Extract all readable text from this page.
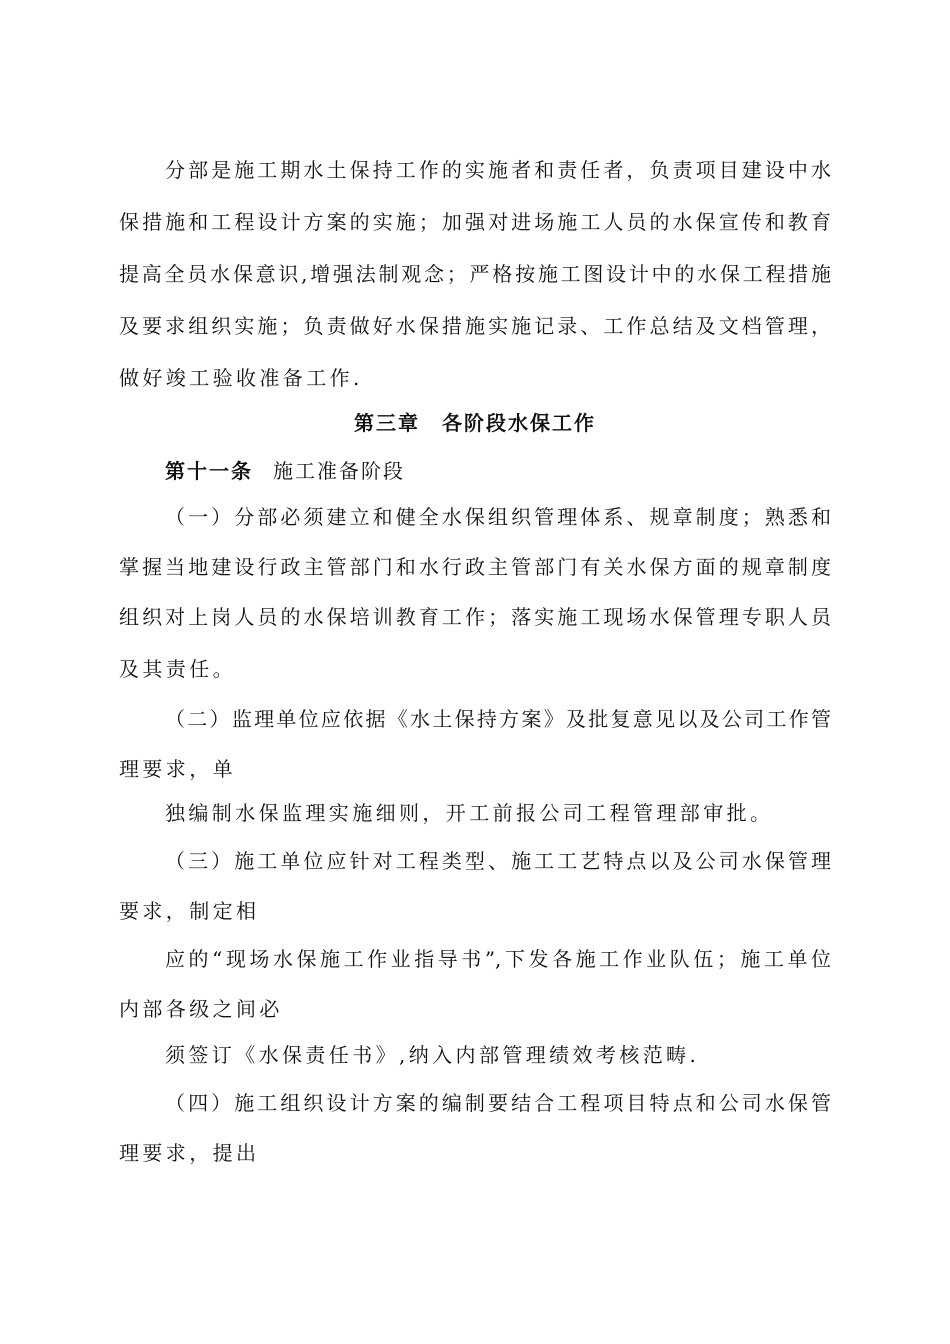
分部是施工期水土保持工作的实施者和责任者，负责项目建设中水
保措施和工程设计方案的实施；加强对进场施工人员的水保宣传和教育
提高全员水保意识,增强法制观念；严格按施工图设计中的水保工程措施
及要求组织实施；负责做好水保措施实施记录、工作总结及文档管理，
做好竣工验收准备工作.
第三章　各阶段水保工作
第十一条 施工准备阶段
（一）分部必须建立和健全水保组织管理体系、规章制度；熟悉和
掌握当地建设行政主管部门和水行政主管部门有关水保方面的规章制度
组织对上岗人员的水保培训教育工作；落实施工现场水保管理专职人员
及其责任。
（二）监理单位应依据《水土保持方案》及批复意见以及公司工作管
理要求，单
独编制水保监理实施细则，开工前报公司工程管理部审批。
（三）施工单位应针对工程类型、施工工艺特点以及公司水保管理
要求，制定相
应的“现场水保施工作业指导书”,下发各施工作业队伍；施工单位
内部各级之间必
须签订《水保责任书》,纳入内部管理绩效考核范畴.
（四）施工组织设计方案的编制要结合工程项目特点和公司水保管
理要求，提出
